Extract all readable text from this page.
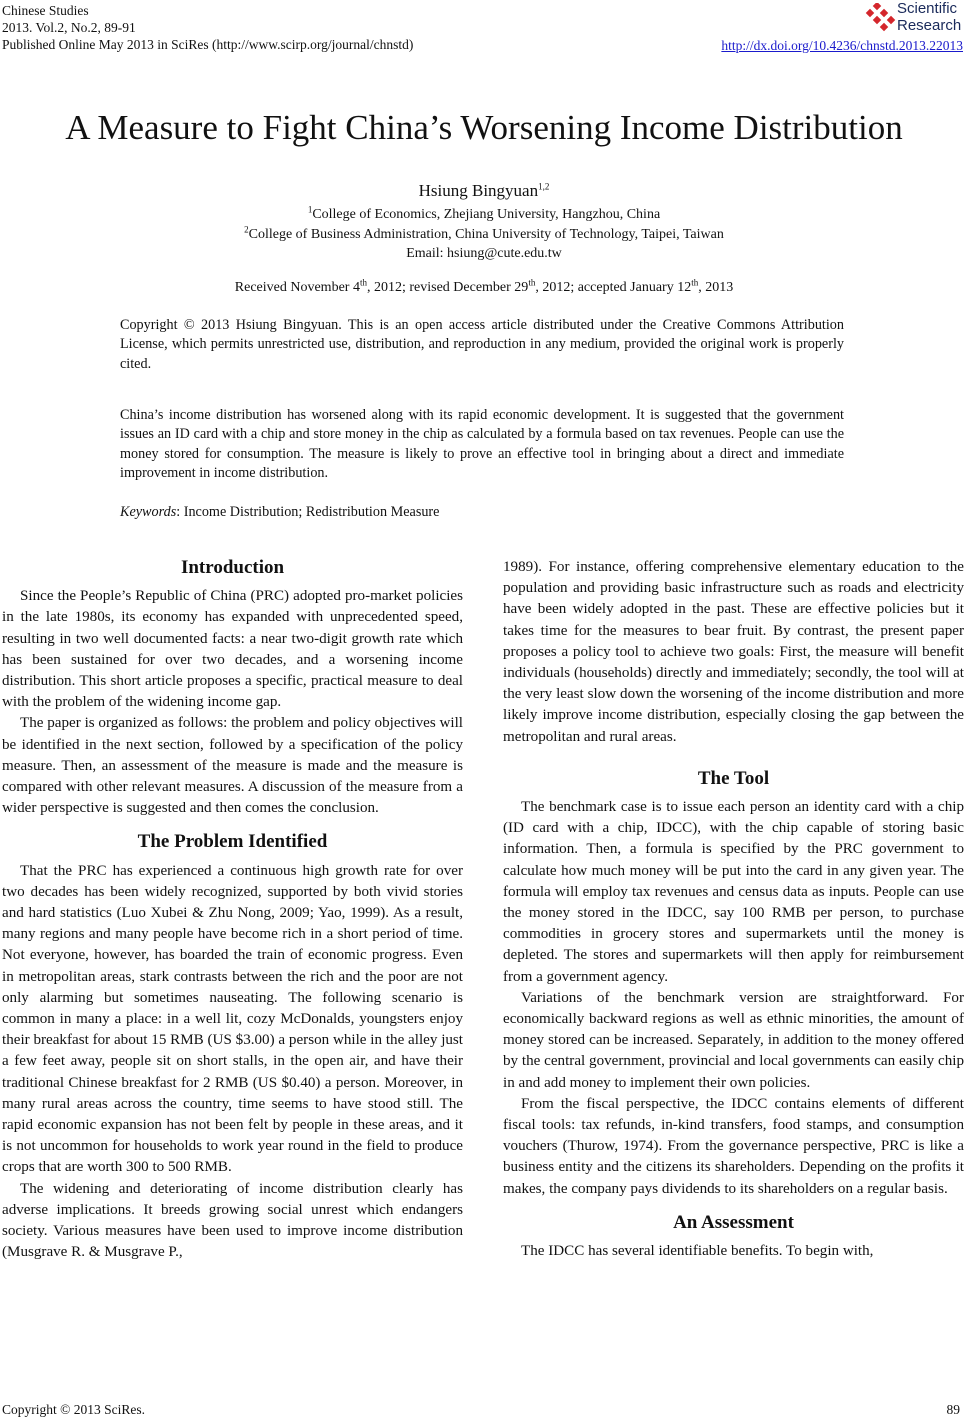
Chinese Studies
2013. Vol.2, No.2, 89-91
Published Online May 2013 in SciRes (http://www.scirp.org/journal/chnstd)
Scientific
Research
http://dx.doi.org/10.4236/chnstd.2013.22013
A Measure to Fight China’s Worsening Income Distribution
Hsiung Bingyuan$^{1,2}$
$^1$College of Economics, Zhejiang University, Hangzhou, China
$^2$College of Business Administration, China University of Technology, Taipei, Taiwan
Email: hsiung@cute.edu.tw
Received November 4th, 2012; revised December 29th, 2012; accepted January 12th, 2013
Copyright © 2013 Hsiung Bingyuan. This is an open access article distributed under the Creative Commons Attribution License, which permits unrestricted use, distribution, and reproduction in any medium, provided the original work is properly cited.
China’s income distribution has worsened along with its rapid economic development. It is suggested that the government issues an ID card with a chip and store money in the chip as calculated by a formula based on tax revenues. People can use the money stored for consumption. The measure is likely to prove an effective tool in bringing about a direct and immediate improvement in income distribution.
Keywords: Income Distribution; Redistribution Measure
Introduction

Since the People’s Republic of China (PRC) adopted pro-market policies in the late 1980s, its economy has expanded with unprecedented speed, resulting in two well documented facts: a near two-digit growth rate which has been sustained for over two decades, and a worsening income distribution. This short article proposes a specific, practical measure to deal with the problem of the widening income gap.

The paper is organized as follows: the problem and policy objectives will be identified in the next section, followed by a specification of the policy measure. Then, an assessment of the measure is made and the measure is compared with other relevant measures. A discussion of the measure from a wider perspective is suggested and then comes the conclusion.

The Problem Identified

That the PRC has experienced a continuous high growth rate for over two decades has been widely recognized, supported by both vivid stories and hard statistics (Luo Xubei & Zhu Nong, 2009; Yao, 1999). As a result, many regions and many people have become rich in a short period of time. Not everyone, however, has boarded the train of economic progress. Even in metropolitan areas, stark contrasts between the rich and the poor are not only alarming but sometimes nauseating. The following scenario is common in many a place: in a well lit, cozy McDonalds, youngsters enjoy their breakfast for about 15 RMB (US $3.00) a person while in the alley just a few feet away, people sit on short stalls, in the open air, and have their traditional Chinese breakfast for 2 RMB (US $0.40) a person. Moreover, in many rural areas across the country, time seems to have stood still. The rapid economic expansion has not been felt by people in these areas, and it is not uncommon for households to work year round in the field to produce crops that are worth 300 to 500 RMB.

The widening and deteriorating of income distribution clearly has adverse implications. It breeds growing social unrest which endangers society. Various measures have been used to improve income distribution (Musgrave R. & Musgrave P.,

1989). For instance, offering comprehensive elementary education to the population and providing basic infrastructure such as roads and electricity have been widely adopted in the past. These are effective policies but it takes time for the measures to bear fruit. By contrast, the present paper proposes a policy tool to achieve two goals: First, the measure will benefit individuals (households) directly and immediately; secondly, the tool will at the very least slow down the worsening of the income distribution and more likely improve income distribution, especially closing the gap between the metropolitan and rural areas.

The Tool

The benchmark case is to issue each person an identity card with a chip (ID card with a chip, IDCC), with the chip capable of storing basic information. Then, a formula is specified by the PRC government to calculate how much money will be put into the card in any given year. The formula will employ tax revenues and census data as inputs. People can use the money stored in the IDCC, say 100 RMB per person, to purchase commodities in grocery stores and supermarkets until the money is depleted. The stores and supermarkets will then apply for reimbursement from a government agency.

Variations of the benchmark version are straightforward. For economically backward regions as well as ethnic minorities, the amount of money stored can be increased. Separately, in addition to the money offered by the central government, provincial and local governments can easily chip in and add money to implement their own policies.

From the fiscal perspective, the IDCC contains elements of different fiscal tools: tax refunds, in-kind transfers, food stamps, and consumption vouchers (Thurow, 1974). From the governance perspective, PRC is like a business entity and the citizens its shareholders. Depending on the profits it makes, the company pays dividends to its shareholders on a regular basis.

An Assessment

The IDCC has several identifiable benefits. To begin with,

Copyright © 2013 SciRes.	89
